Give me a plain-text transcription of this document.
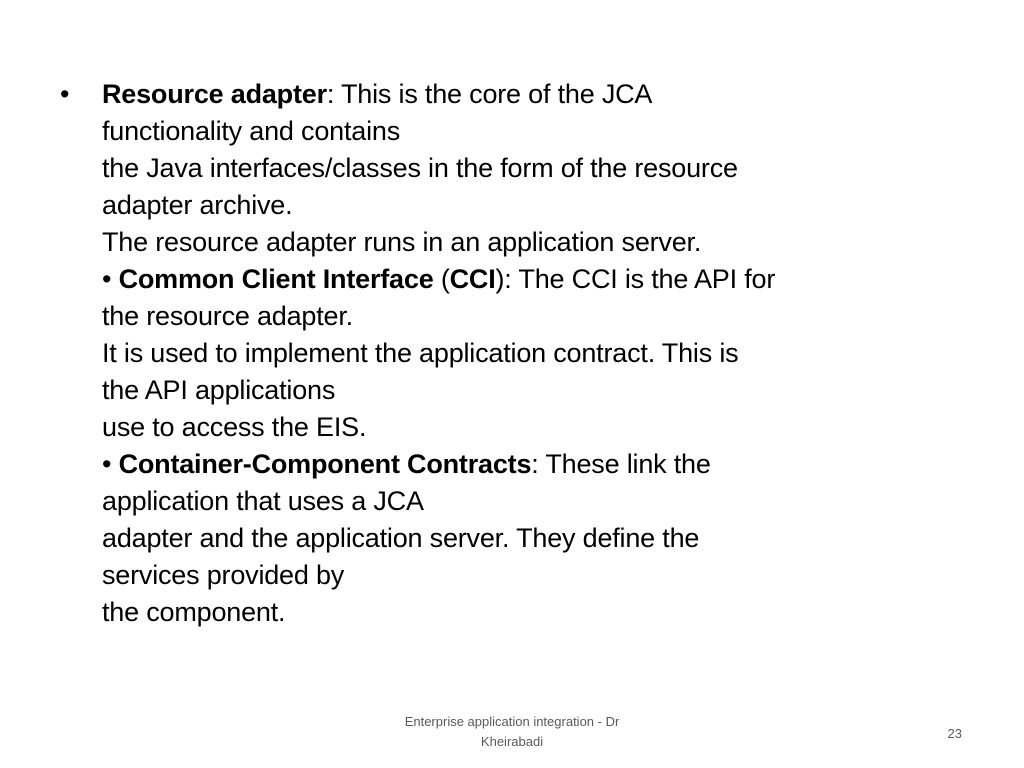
•	Resource adapter: This is the core of the JCA
functionality and contains
the Java interfaces/classes in the form of the resource
adapter archive.
The resource adapter runs in an application server.
• Common Client Interface (CCI): The CCI is the API for
the resource adapter.
It is used to implement the application contract. This is
the API applications
use to access the EIS.
• Container-Component Contracts: These link the
application that uses a JCA
adapter and the application server. They define the
services provided by
the component.
Enterprise application integration - Dr Kheirabadi
23
